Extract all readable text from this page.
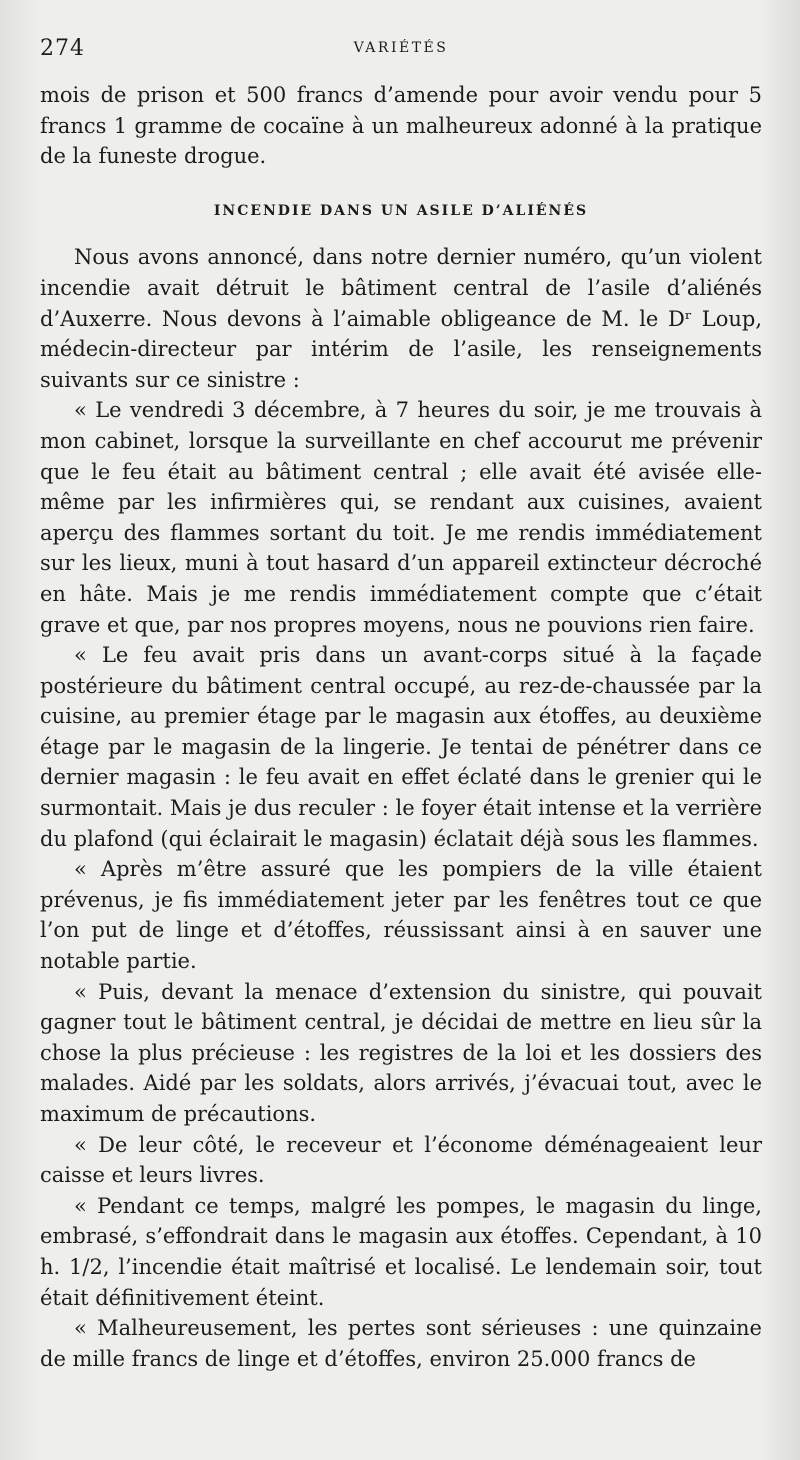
274	VARIÉTÉS

mois de prison et 500 francs d’amende pour avoir vendu pour 5 francs 1 gramme de cocaïne à un malheureux adonné à la pratique de la funeste drogue.

INCENDIE DANS UN ASILE D’ALIÉNÉS

Nous avons annoncé, dans notre dernier numéro, qu’un violent incendie avait détruit le bâtiment central de l’asile d’aliénés d’Auxerre. Nous devons à l’aimable obligeance de M. le Dʳ Loup, médecin-directeur par intérim de l’asile, les renseignements suivants sur ce sinistre :

« Le vendredi 3 décembre, à 7 heures du soir, je me trouvais à mon cabinet, lorsque la surveillante en chef accourut me prévenir que le feu était au bâtiment central ; elle avait été avisée elle-même par les infirmières qui, se rendant aux cuisines, avaient aperçu des flammes sortant du toit. Je me rendis immédiatement sur les lieux, muni à tout hasard d’un appareil extincteur décroché en hâte. Mais je me rendis immédiatement compte que c’était grave et que, par nos propres moyens, nous ne pouvions rien faire.

« Le feu avait pris dans un avant-corps situé à la façade postérieure du bâtiment central occupé, au rez-de-chaussée par la cuisine, au premier étage par le magasin aux étoffes, au deuxième étage par le magasin de la lingerie. Je tentai de pénétrer dans ce dernier magasin : le feu avait en effet éclaté dans le grenier qui le surmontait. Mais je dus reculer : le foyer était intense et la verrière du plafond (qui éclairait le magasin) éclatait déjà sous les flammes.

« Après m’être assuré que les pompiers de la ville étaient prévenus, je fis immédiatement jeter par les fenêtres tout ce que l’on put de linge et d’étoffes, réussissant ainsi à en sauver une notable partie.

« Puis, devant la menace d’extension du sinistre, qui pouvait gagner tout le bâtiment central, je décidai de mettre en lieu sûr la chose la plus précieuse : les registres de la loi et les dossiers des malades. Aidé par les soldats, alors arrivés, j’évacuai tout, avec le maximum de précautions.

« De leur côté, le receveur et l’économe déménageaient leur caisse et leurs livres.

« Pendant ce temps, malgré les pompes, le magasin du linge, embrasé, s’effondrait dans le magasin aux étoffes. Cependant, à 10 h. 1/2, l’incendie était maîtrisé et localisé. Le lendemain soir, tout était définitivement éteint.

« Malheureusement, les pertes sont sérieuses : une quinzaine de mille francs de linge et d’étoffes, environ 25.000 francs de
